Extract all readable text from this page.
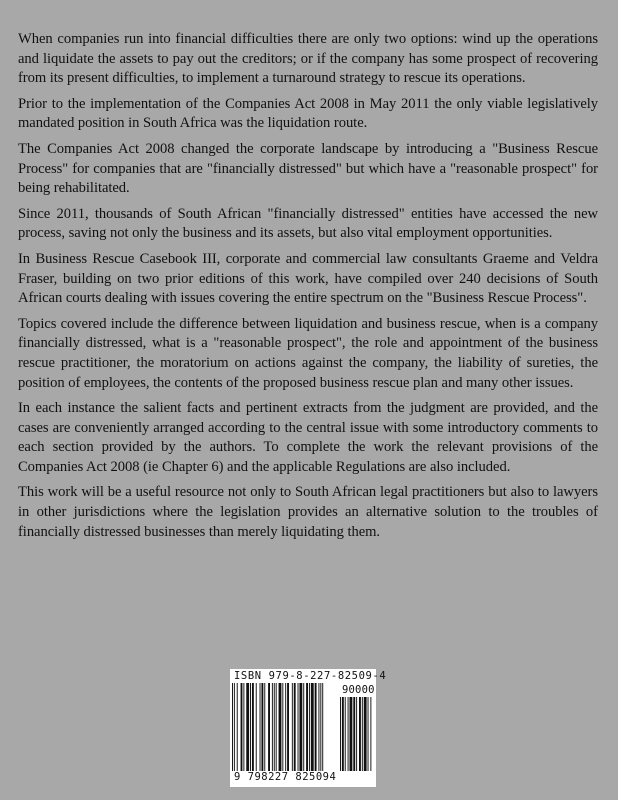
When companies run into financial difficulties there are only two options: wind up the operations and liquidate the assets to pay out the creditors; or if the company has some prospect of recovering from its present difficulties, to implement a turnaround strategy to rescue its operations.

Prior to the implementation of the Companies Act 2008 in May 2011 the only viable legislatively mandated position in South Africa was the liquidation route.

The Companies Act 2008 changed the corporate landscape by introducing a "Business Rescue Process" for companies that are "financially distressed" but which have a "reasonable prospect" for being rehabilitated.

Since 2011, thousands of South African "financially distressed" entities have accessed the new process, saving not only the business and its assets, but also vital employment opportunities.

In Business Rescue Casebook III, corporate and commercial law consultants Graeme and Veldra Fraser, building on two prior editions of this work, have compiled over 240 decisions of South African courts dealing with issues covering the entire spectrum on the "Business Rescue Process".

Topics covered include the difference between liquidation and business rescue, when is a company financially distressed, what is a "reasonable prospect", the role and appointment of the business rescue practitioner, the moratorium on actions against the company, the liability of sureties, the position of employees, the contents of the proposed business rescue plan and many other issues.

In each instance the salient facts and pertinent extracts from the judgment are provided, and the cases are conveniently arranged according to the central issue with some introductory comments to each section provided by the authors. To complete the work the relevant provisions of the Companies Act 2008 (ie Chapter 6) and the applicable Regulations are also included.

This work will be a useful resource not only to South African legal practitioners but also to lawyers in other jurisdictions where the legislation provides an alternative solution to the troubles of financially distressed businesses than merely liquidating them.

ISBN 979-8-227-82509-4
90000
9 798227 825094
